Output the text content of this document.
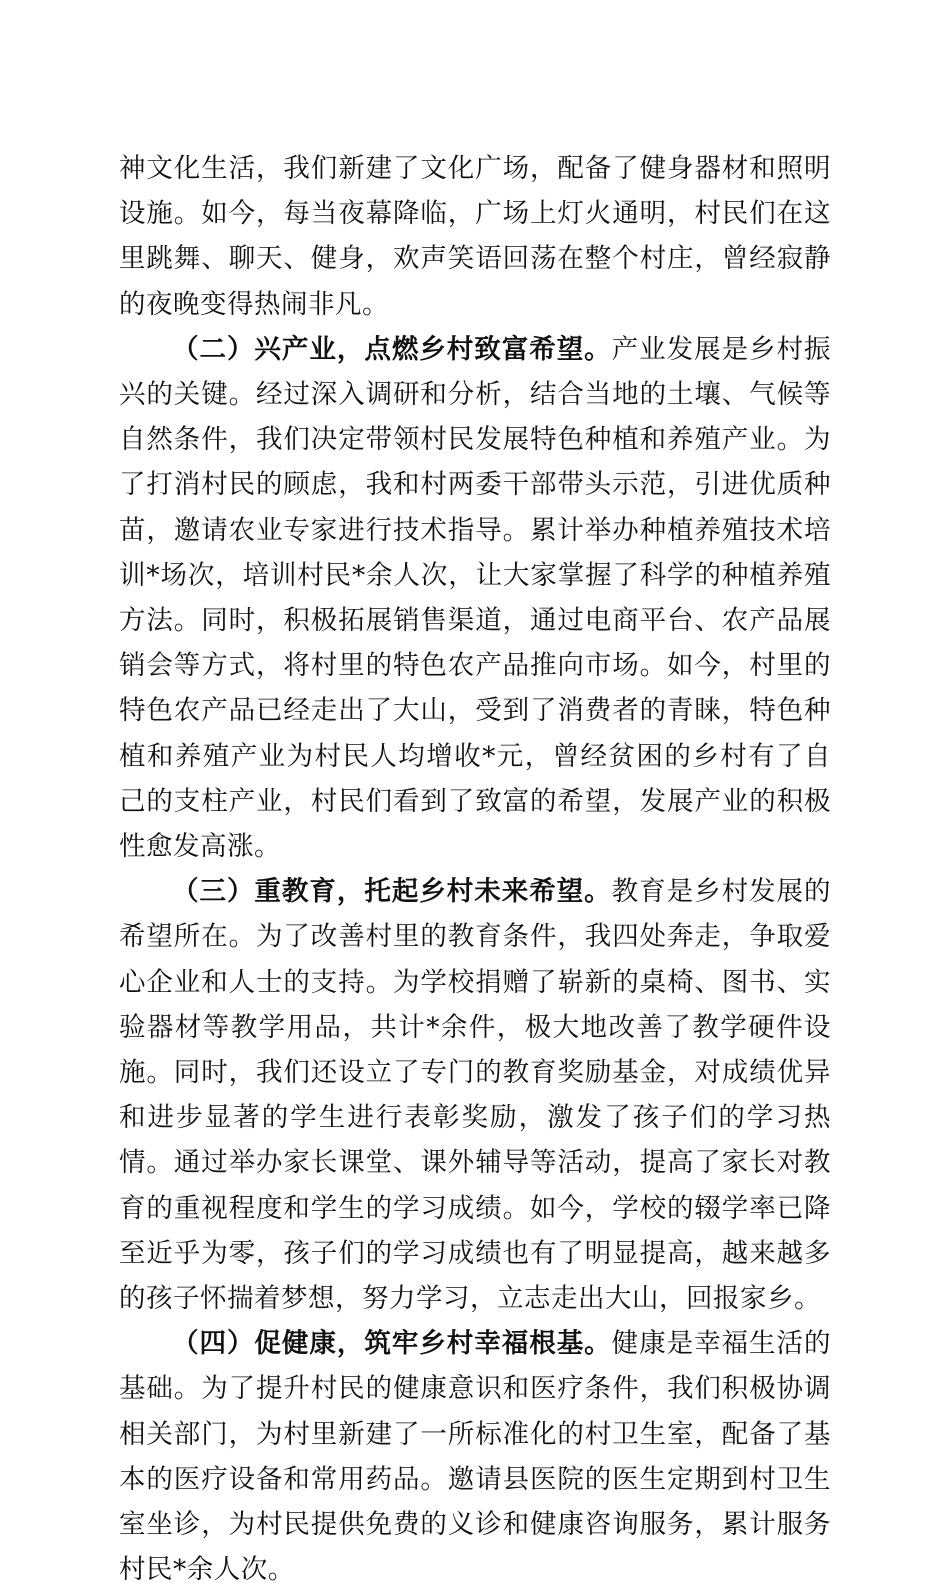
神文化生活，我们新建了文化广场，配备了健身器材和照明设施。如今，每当夜幕降临，广场上灯火通明，村民们在这里跳舞、聊天、健身，欢声笑语回荡在整个村庄，曾经寂静的夜晚变得热闹非凡。

（二）兴产业，点燃乡村致富希望。产业发展是乡村振兴的关键。经过深入调研和分析，结合当地的土壤、气候等自然条件，我们决定带领村民发展特色种植和养殖产业。为了打消村民的顾虑，我和村两委干部带头示范，引进优质种苗，邀请农业专家进行技术指导。累计举办种植养殖技术培训*场次，培训村民*余人次，让大家掌握了科学的种植养殖方法。同时，积极拓展销售渠道，通过电商平台、农产品展销会等方式，将村里的特色农产品推向市场。如今，村里的特色农产品已经走出了大山，受到了消费者的青睐，特色种植和养殖产业为村民人均增收*元，曾经贫困的乡村有了自己的支柱产业，村民们看到了致富的希望，发展产业的积极性愈发高涨。

（三）重教育，托起乡村未来希望。教育是乡村发展的希望所在。为了改善村里的教育条件，我四处奔走，争取爱心企业和人士的支持。为学校捐赠了崭新的桌椅、图书、实验器材等教学用品，共计*余件，极大地改善了教学硬件设施。同时，我们还设立了专门的教育奖励基金，对成绩优异和进步显著的学生进行表彰奖励，激发了孩子们的学习热情。通过举办家长课堂、课外辅导等活动，提高了家长对教育的重视程度和学生的学习成绩。如今，学校的辍学率已降至近乎为零，孩子们的学习成绩也有了明显提高，越来越多的孩子怀揣着梦想，努力学习，立志走出大山，回报家乡。

（四）促健康，筑牢乡村幸福根基。健康是幸福生活的基础。为了提升村民的健康意识和医疗条件，我们积极协调相关部门，为村里新建了一所标准化的村卫生室，配备了基本的医疗设备和常用药品。邀请县医院的医生定期到村卫生室坐诊，为村民提供免费的义诊和健康咨询服务，累计服务村民*余人次。
